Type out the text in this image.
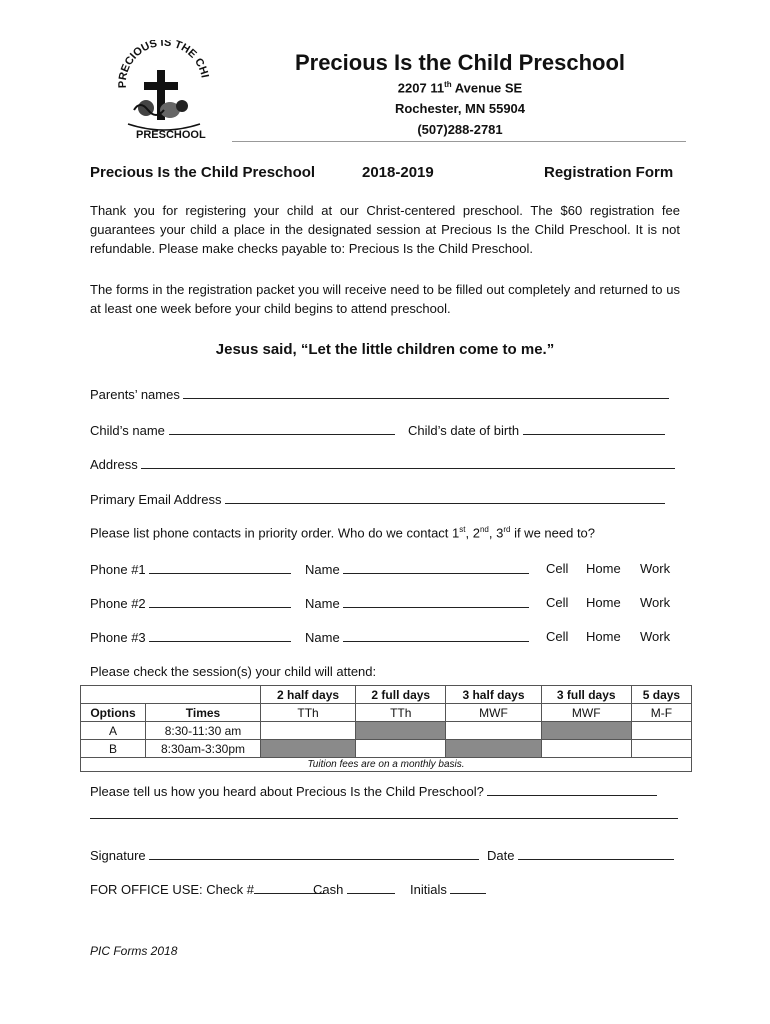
RECIOUS IS THE CHI
PRESCHOOL
Precious Is the Child Preschool
2207 11th Avenue SE
Rochester, MN 55904
(507)288-2781
Precious Is the Child Preschool	2018-2019	Registration Form
Thank you for registering your child at our Christ-centered preschool. The $60 registration fee guarantees your child a place in the designated session at Precious Is the Child Preschool. It is not refundable. Please make checks payable to: Precious Is the Child Preschool.
The forms in the registration packet you will receive need to be filled out completely and returned to us at least one week before your child begins to attend preschool.
Jesus said, “Let the little children come to me.”
Parents’ names
Child’s name	Child’s date of birth
Address
Primary Email Address
Please list phone contacts in priority order. Who do we contact 1st, 2nd, 3rd if we need to?
Phone #1	Name	Cell Home Work
Phone #2	Name	Cell Home Work
Phone #3	Name	Cell Home Work
Please check the session(s) your child will attend:
		2 half days	2 full days	3 half days	3 full days	5 days
Options	Times	TTh	TTh	MWF	MWF	M-F
A	8:30-11:30 am					
B	8:30am-3:30pm					
Tuition fees are on a monthly basis.						
Please tell us how you heard about Precious Is the Child Preschool?
Signature	Date
FOR OFFICE USE: Check #	Cash	Initials
PIC Forms 2018
